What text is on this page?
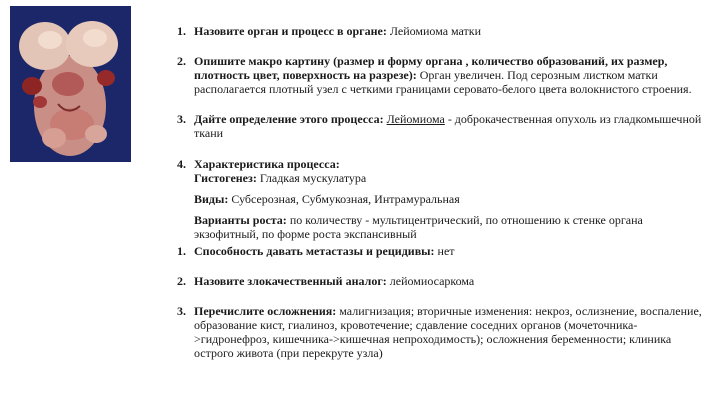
1. Назовите орган и процесс в органе: Лейомиома матки
2. Опишите макро картину (размер и форму органа , количество образований, их размер, плотность цвет, поверхность на разрезе): Орган увеличен. Под серозным листком матки располагается плотный узел с четкими границами серовато-белого цвета волокнистого строения.
3. Дайте определение этого процесса: Лейомиома - доброкачественная опухоль из гладкомышечной ткани
4. Характеристика процесса:
Гистогенез: Гладкая мускулатура
Виды: Субсерозная, Субмукозная, Интрамуральная
Варианты роста: по количеству - мультицентрический, по отношению к стенке органа экзофитный, по форме роста экспансивный
1. Способность давать метастазы и рецидивы: нет
2. Назовите злокачественный аналог: лейомиосаркома
3. Перечислите осложнения: малигнизация; вторичные изменения: некроз, ослизнение, воспаление, образование кист, гиалиноз, кровотечение; сдавление соседних органов (мочеточника->гидронефроз, кишечника->кишечная непроходимость); осложнения беременности; клиника острого живота (при перекруте узла)
